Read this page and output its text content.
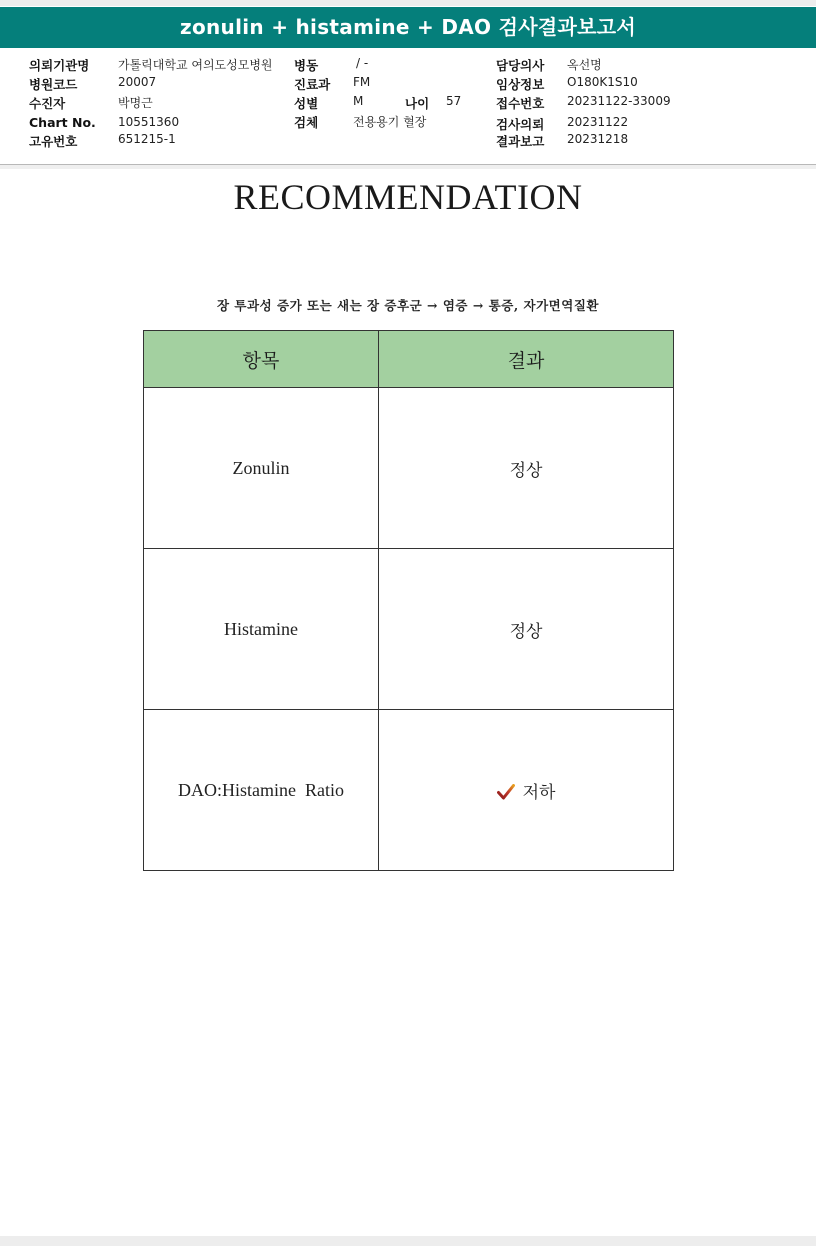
zonulin + histamine + DAO 검사결과보고서
의뢰기관명 가톨릭대학교 여의도성모병원
병원코드	20007
수진자	박명근
Chart No. 10551360
고유번호	651215-1
병동	/ -
진료과 FM
성별	M	나이 57
검체	전용용기 혈장
담당의사 옥선명
임상정보 O180K1S10
접수번호 20231122-33009
검사의뢰 20231122
결과보고 20231218
RECOMMENDATION
장 투과성 증가 또는 새는 장 증후군 → 염증 → 통증, 자가면역질환
항목	결과
Zonulin	정상
Histamine	정상
DAO:Histamine  Ratio	저하
